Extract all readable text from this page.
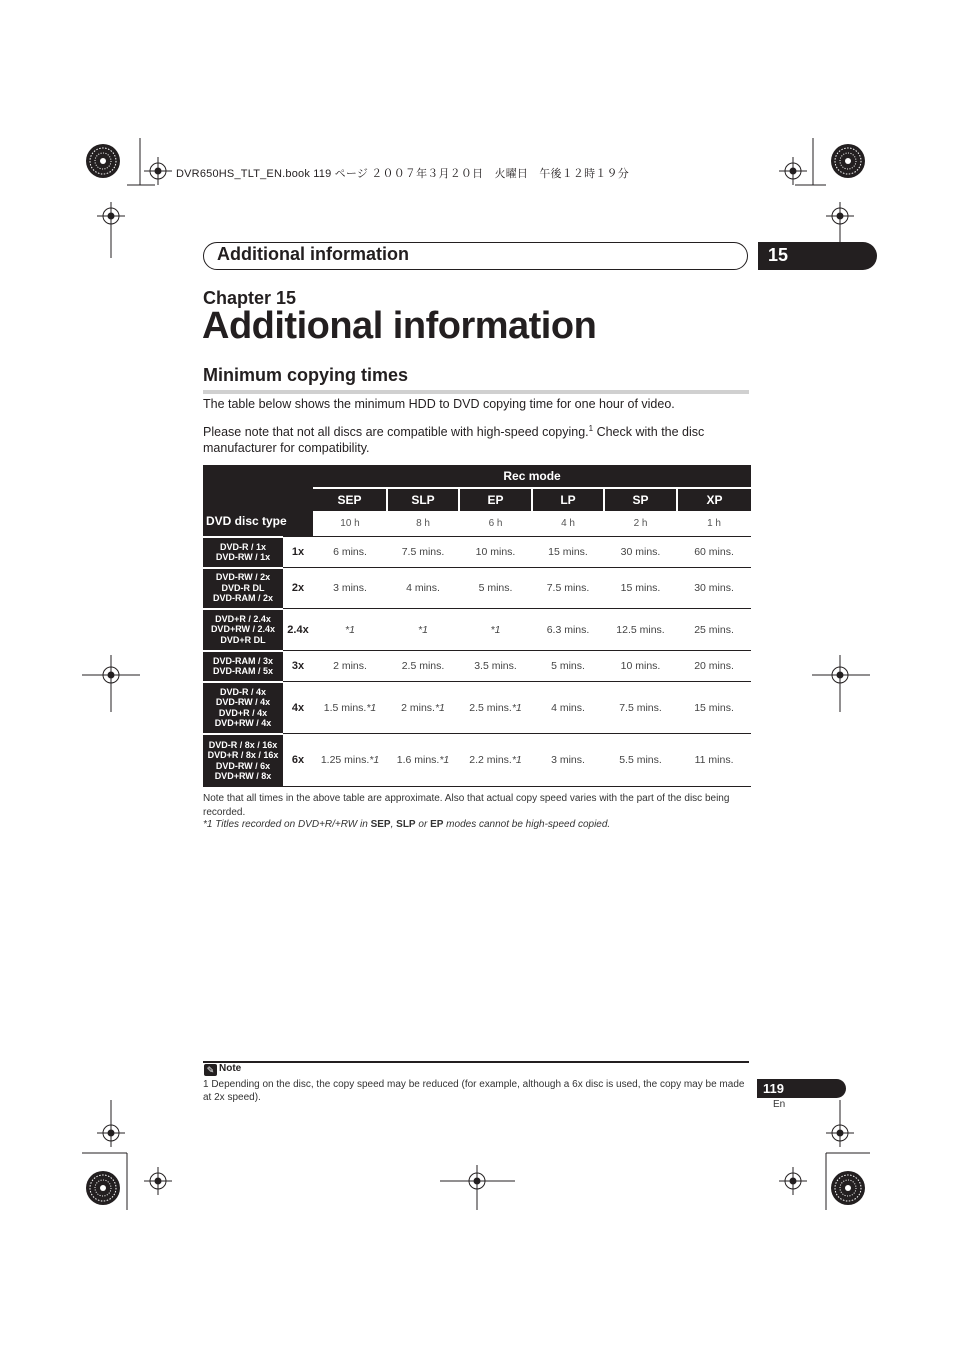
DVR650HS_TLT_EN.book 119 ページ ２００７年３月２０日　火曜日　午後１２時１９分
Additional information	15
Chapter 15
Additional information
Minimum copying times
The table below shows the minimum HDD to DVD copying time for one hour of video.
Please note that not all discs are compatible with high-speed copying.$^1$ Check with the disc manufacturer for compatibility.
DVD disc type		Rec mode					
		SEP	SLP	EP	LP	SP	XP
		10 h	8 h	6 h	4 h	2 h	1 h

DVD-R / 1x
DVD-RW / 1x	1x	6 mins.	7.5 mins.	10 mins.	15 mins.	30 mins.	60 mins.

DVD-RW / 2x
DVD-R DL
DVD-RAM / 2x	2x	3 mins.	4 mins.	5 mins.	7.5 mins.	15 mins.	30 mins.

DVD+R / 2.4x
DVD+RW / 2.4x
DVD+R DL	2.4x	*1	*1	*1	6.3 mins.	12.5 mins.	25 mins.

DVD-RAM / 3x
DVD-RAM / 5x	3x	2 mins.	2.5 mins.	3.5 mins.	5 mins.	10 mins.	20 mins.

DVD-R / 4x
DVD-RW / 4x
DVD+R / 4x
DVD+RW / 4x	4x	1.5 mins.*1	2 mins.*1	2.5 mins.*1	4 mins.	7.5 mins.	15 mins.

DVD-R / 8x / 16x
DVD+R / 8x / 16x
DVD-RW / 6x
DVD+RW / 8x	6x	1.25 mins.*1	1.6 mins.*1	2.2 mins.*1	3 mins.	5.5 mins.	11 mins.
Note that all times in the above table are approximate. Also that actual copy speed varies with the part of the disc being recorded.
*1 Titles recorded on DVD+R/+RW in SEP, SLP or EP modes cannot be high-speed copied.
✎ Note
1 Depending on the disc, the copy speed may be reduced (for example, although a 6x disc is used, the copy may be made at 2x speed).
119
En
